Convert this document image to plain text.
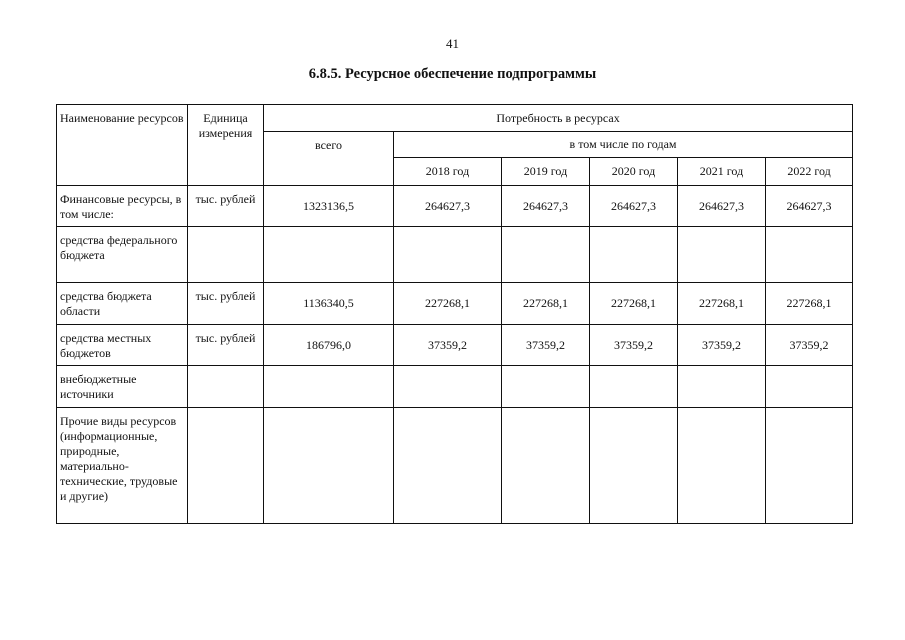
41
6.8.5. Ресурсное обеспечение подпрограммы
Наименование ресурсов	Единица измерения	Потребность в ресурсах					
		всего	в том числе по годам				
			2018 год	2019 год	2020 год	2021 год	2022 год
Финансовые ресурсы, в том числе:	тыс. рублей	1323136,5	264627,3	264627,3	264627,3	264627,3	264627,3
средства федерального бюджета							
средства бюджета области	тыс. рублей	1136340,5	227268,1	227268,1	227268,1	227268,1	227268,1
средства местных бюджетов	тыс. рублей	186796,0	37359,2	37359,2	37359,2	37359,2	37359,2
внебюджетные источники							
Прочие виды ресурсов (информационные, природные, материально-технические, трудовые и другие)							
